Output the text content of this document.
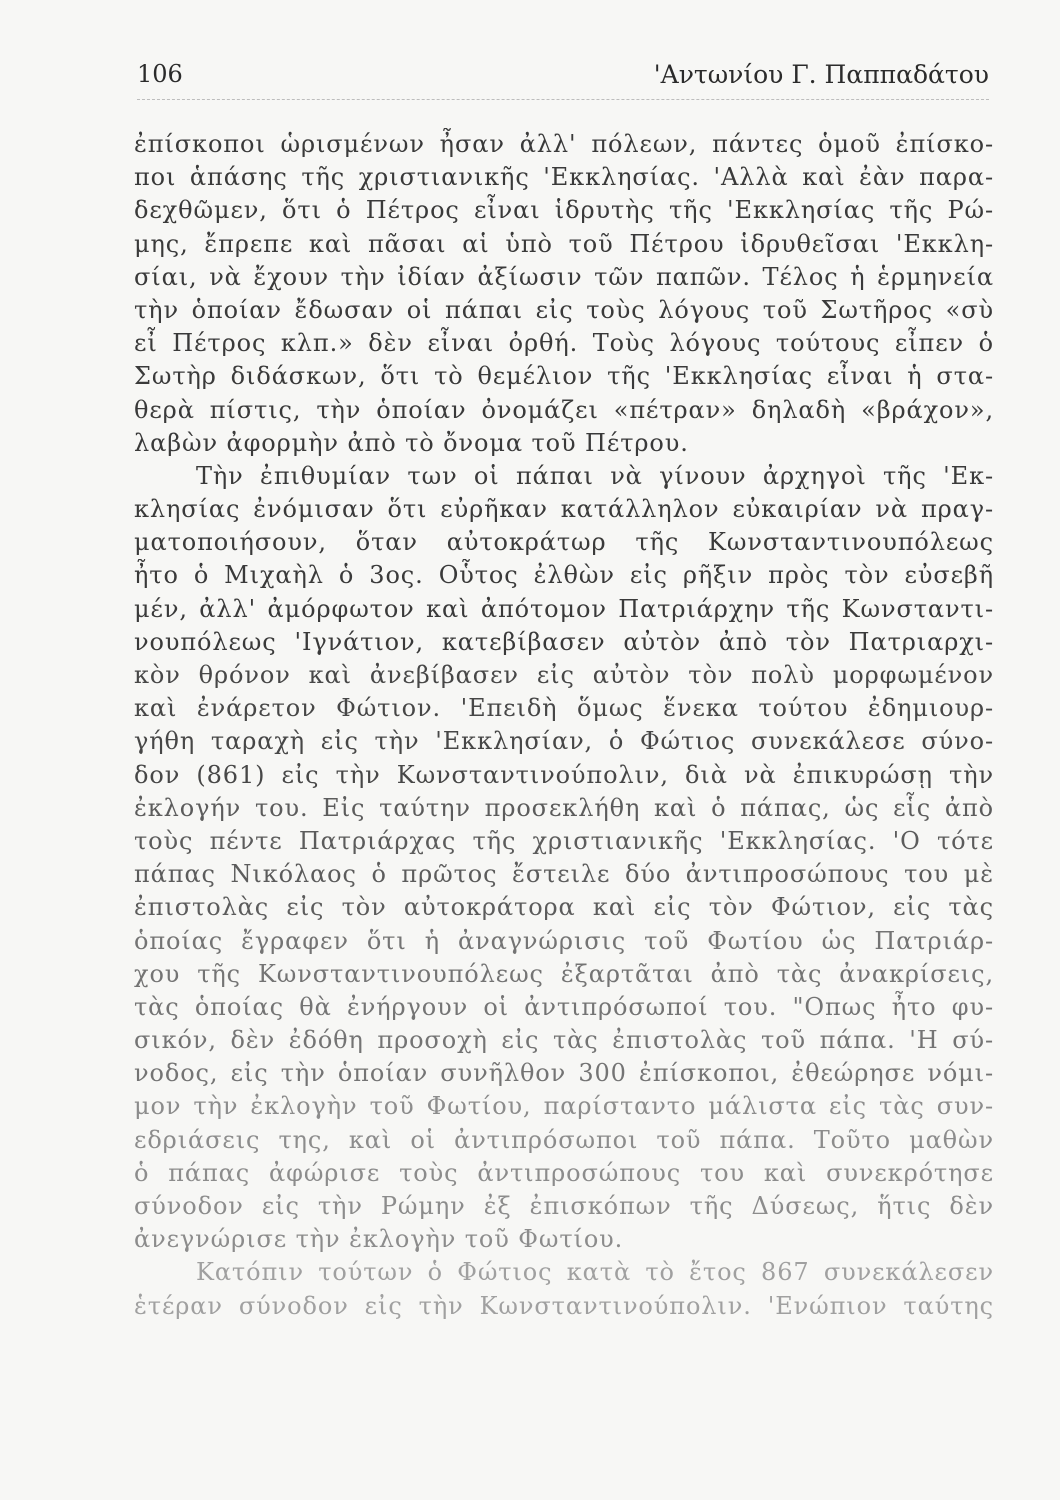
106	'Αντωνίου Γ. Παππαδάτου
ἐπίσκοποι ὡρισμένων ἦσαν ἀλλ' πόλεων, πάντες ὁμοῦ ἐπίσκο-
ποι ἁπάσης τῆς χριστιανικῆς 'Εκκλησίας. 'Αλλὰ καὶ ἐὰν παρα-
δεχθῶμεν, ὅτι ὁ Πέτρος εἶναι ἱδρυτὴς τῆς 'Εκκλησίας τῆς Ρώ-
μης, ἔπρεπε καὶ πᾶσαι αἱ ὑπὸ τοῦ Πέτρου ἱδρυθεῖσαι 'Εκκλη-
σίαι, νὰ ἔχουν τὴν ἰδίαν ἀξίωσιν τῶν παπῶν. Τέλος ἡ ἑρμηνεία
τὴν ὁποίαν ἔδωσαν οἱ πάπαι εἰς τοὺς λόγους τοῦ Σωτῆρος «σὺ
εἶ Πέτρος κλπ.» δὲν εἶναι ὀρθή. Τοὺς λόγους τούτους εἶπεν ὁ
Σωτὴρ διδάσκων, ὅτι τὸ θεμέλιον τῆς 'Εκκλησίας εἶναι ἡ στα-
θερὰ πίστις, τὴν ὁποίαν ὀνομάζει «πέτραν» δηλαδὴ «βράχον»,
λαβὼν ἀφορμὴν ἀπὸ τὸ ὄνομα τοῦ Πέτρου.
Τὴν ἐπιθυμίαν των οἱ πάπαι νὰ γίνουν ἀρχηγοὶ τῆς 'Εκ-
κλησίας ἐνόμισαν ὅτι εὐρῆκαν κατάλληλον εὐκαιρίαν νὰ πραγ-
ματοποιήσουν, ὅταν αὐτοκράτωρ τῆς Κωνσταντινουπόλεως
ἦτο ὁ Μιχαὴλ ὁ 3ος. Οὗτος ἐλθὼν εἰς ρῆξιν πρὸς τὸν εὐσεβῆ
μέν, ἀλλ' ἀμόρφωτον καὶ ἀπότομον Πατριάρχην τῆς Κωνσταντι-
νουπόλεως 'Ιγνάτιον, κατεβίβασεν αὐτὸν ἀπὸ τὸν Πατριαρχι-
κὸν θρόνον καὶ ἀνεβίβασεν εἰς αὐτὸν τὸν πολὺ μορφωμένον
καὶ ἐνάρετον Φώτιον. 'Επειδὴ ὅμως ἕνεκα τούτου ἐδημιουρ-
γήθη ταραχὴ εἰς τὴν 'Εκκλησίαν, ὁ Φώτιος συνεκάλεσε σύνο-
δον (861) εἰς τὴν Κωνσταντινούπολιν, διὰ νὰ ἐπικυρώσῃ τὴν
ἐκλογήν του. Εἰς ταύτην προσεκλήθη καὶ ὁ πάπας, ὡς εἷς ἀπὸ
τοὺς πέντε Πατριάρχας τῆς χριστιανικῆς 'Εκκλησίας. 'Ο τότε
πάπας Νικόλαος ὁ πρῶτος ἔστειλε δύο ἀντιπροσώπους του μὲ
ἐπιστολὰς εἰς τὸν αὐτοκράτορα καὶ εἰς τὸν Φώτιον, εἰς τὰς
ὁποίας ἔγραφεν ὅτι ἡ ἀναγνώρισις τοῦ Φωτίου ὡς Πατριάρ-
χου τῆς Κωνσταντινουπόλεως ἐξαρτᾶται ἀπὸ τὰς ἀνακρίσεις,
τὰς ὁποίας θὰ ἐνήργουν οἱ ἀντιπρόσωποί του. "Οπως ἦτο φυ-
σικόν, δὲν ἐδόθη προσοχὴ εἰς τὰς ἐπιστολὰς τοῦ πάπα. 'Η σύ-
νοδος, εἰς τὴν ὁποίαν συνῆλθον 300 ἐπίσκοποι, ἐθεώρησε νόμι-
μον τὴν ἐκλογὴν τοῦ Φωτίου, παρίσταντο μάλιστα εἰς τὰς συν-
εδριάσεις της, καὶ οἱ ἀντιπρόσωποι τοῦ πάπα. Τοῦτο μαθὼν
ὁ πάπας ἀφώρισε τοὺς ἀντιπροσώπους του καὶ συνεκρότησε
σύνοδον εἰς τὴν Ρώμην ἐξ ἐπισκόπων τῆς Δύσεως, ἥτις δὲν
ἀνεγνώρισε τὴν ἐκλογὴν τοῦ Φωτίου.
Κατόπιν τούτων ὁ Φώτιος κατὰ τὸ ἔτος 867 συνεκάλεσεν
ἑτέραν σύνοδον εἰς τὴν Κωνσταντινούπολιν. 'Ενώπιον ταύτης
